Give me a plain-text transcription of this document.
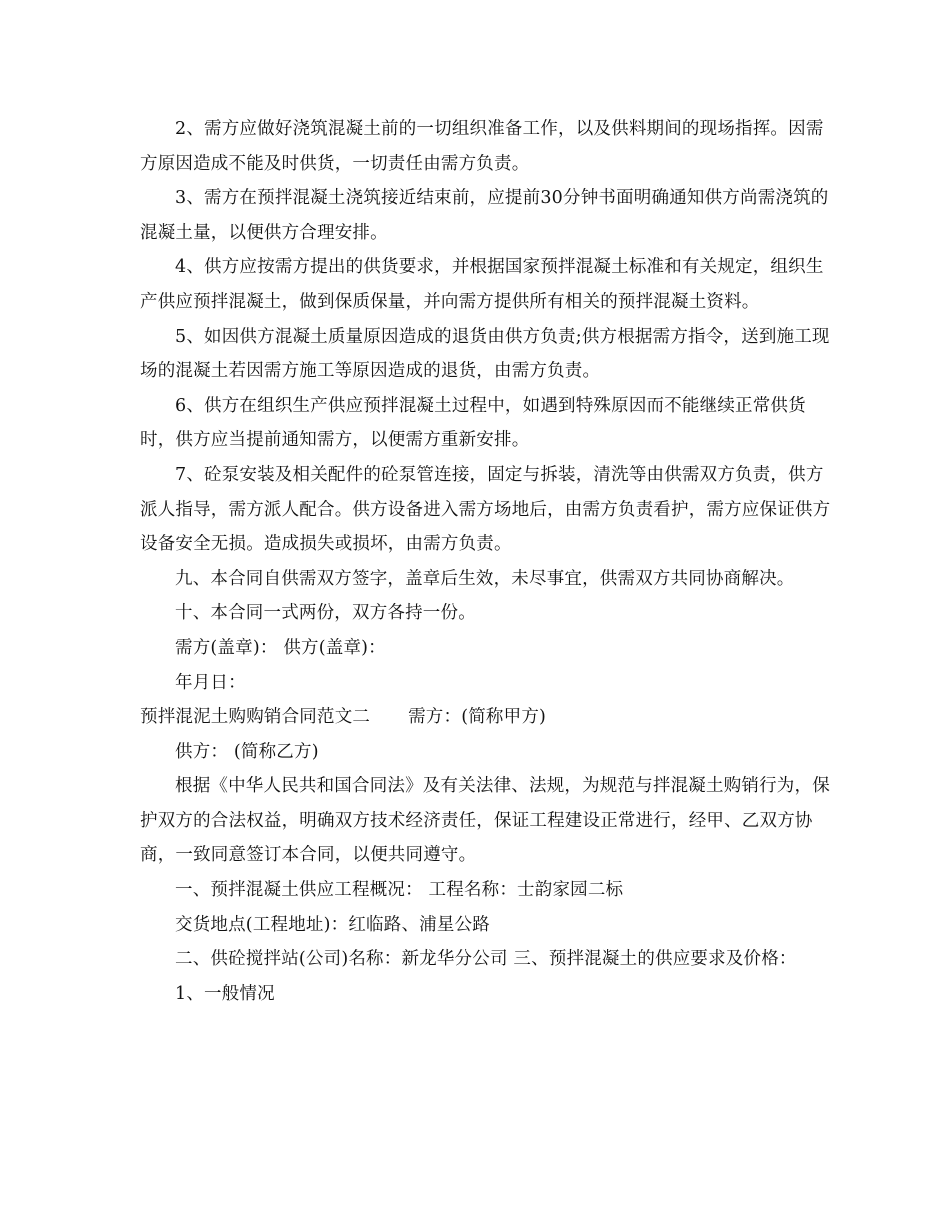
2、需方应做好浇筑混凝土前的一切组织准备工作，以及供料期间的现场指挥。因需方原因造成不能及时供货，一切责任由需方负责。

3、需方在预拌混凝土浇筑接近结束前，应提前30分钟书面明确通知供方尚需浇筑的混凝土量，以便供方合理安排。

4、供方应按需方提出的供货要求，并根据国家预拌混凝土标准和有关规定，组织生产供应预拌混凝土，做到保质保量，并向需方提供所有相关的预拌混凝土资料。

5、如因供方混凝土质量原因造成的退货由供方负责;供方根据需方指令，送到施工现场的混凝土若因需方施工等原因造成的退货，由需方负责。

6、供方在组织生产供应预拌混凝土过程中，如遇到特殊原因而不能继续正常供货时，供方应当提前通知需方，以便需方重新安排。

7、砼泵安装及相关配件的砼泵管连接，固定与拆装，清洗等由供需双方负责，供方派人指导，需方派人配合。供方设备进入需方场地后，由需方负责看护，需方应保证供方设备安全无损。造成损失或损坏，由需方负责。

九、本合同自供需双方签字，盖章后生效，未尽事宜，供需双方共同协商解决。

十、本合同一式两份，双方各持一份。

需方(盖章)： 供方(盖章)：

年月日：

预拌混泥土购购销合同范文二 需方：(简称甲方)

供方： (简称乙方)

根据《中华人民共和国合同法》及有关法律、法规，为规范与拌混凝土购销行为，保护双方的合法权益，明确双方技术经济责任，保证工程建设正常进行，经甲、乙双方协商，一致同意签订本合同，以便共同遵守。

一、预拌混凝土供应工程概况： 工程名称：士韵家园二标

交货地点(工程地址)：红临路、浦星公路

二、供砼搅拌站(公司)名称：新龙华分公司 三、预拌混凝土的供应要求及价格：

1、一般情况
